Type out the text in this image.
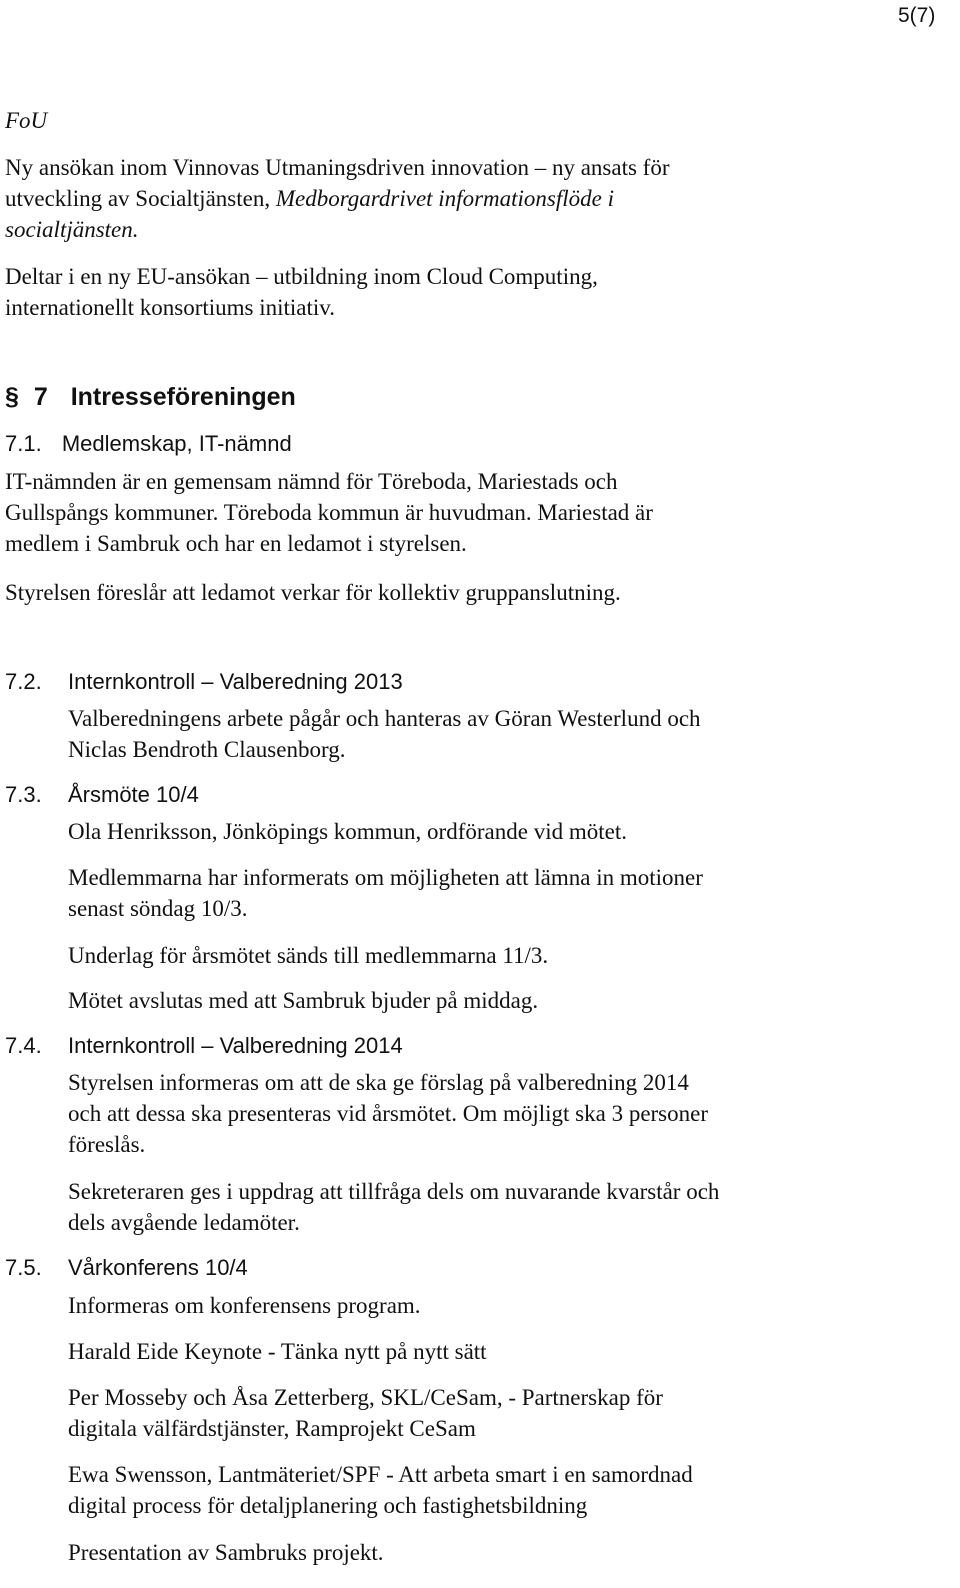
5(7)
FoU
Ny ansökan inom Vinnovas Utmaningsdriven innovation – ny ansats för
utveckling av Socialtjänsten, Medborgardrivet informationsflöde i
socialtjänsten.
Deltar i en ny EU-ansökan – utbildning inom Cloud Computing,
internationellt konsortiums initiativ.
§ 7 Intresseföreningen
7.1. Medlemskap, IT-nämnd
IT-nämnden är en gemensam nämnd för Töreboda, Mariestads och
Gullspångs kommuner. Töreboda kommun är huvudman. Mariestad är
medlem i Sambruk och har en ledamot i styrelsen.
Styrelsen föreslår att ledamot verkar för kollektiv gruppanslutning.
7.2. Internkontroll – Valberedning 2013
Valberedningens arbete pågår och hanteras av Göran Westerlund och
Niclas Bendroth Clausenborg.
7.3. Årsmöte 10/4
Ola Henriksson, Jönköpings kommun, ordförande vid mötet.
Medlemmarna har informerats om möjligheten att lämna in motioner
senast söndag 10/3.
Underlag för årsmötet sänds till medlemmarna 11/3.
Mötet avslutas med att Sambruk bjuder på middag.
7.4. Internkontroll – Valberedning 2014
Styrelsen informeras om att de ska ge förslag på valberedning 2014
och att dessa ska presenteras vid årsmötet. Om möjligt ska 3 personer
föreslås.
Sekreteraren ges i uppdrag att tillfråga dels om nuvarande kvarstår och
dels avgående ledamöter.
7.5. Vårkonferens 10/4
Informeras om konferensens program.
Harald Eide Keynote - Tänka nytt på nytt sätt
Per Mosseby och Åsa Zetterberg, SKL/CeSam, - Partnerskap för
digitala välfärdstjänster, Ramprojekt CeSam
Ewa Swensson, Lantmäteriet/SPF - Att arbeta smart i en samordnad
digital process för detaljplanering och fastighetsbildning
Presentation av Sambruks projekt.
